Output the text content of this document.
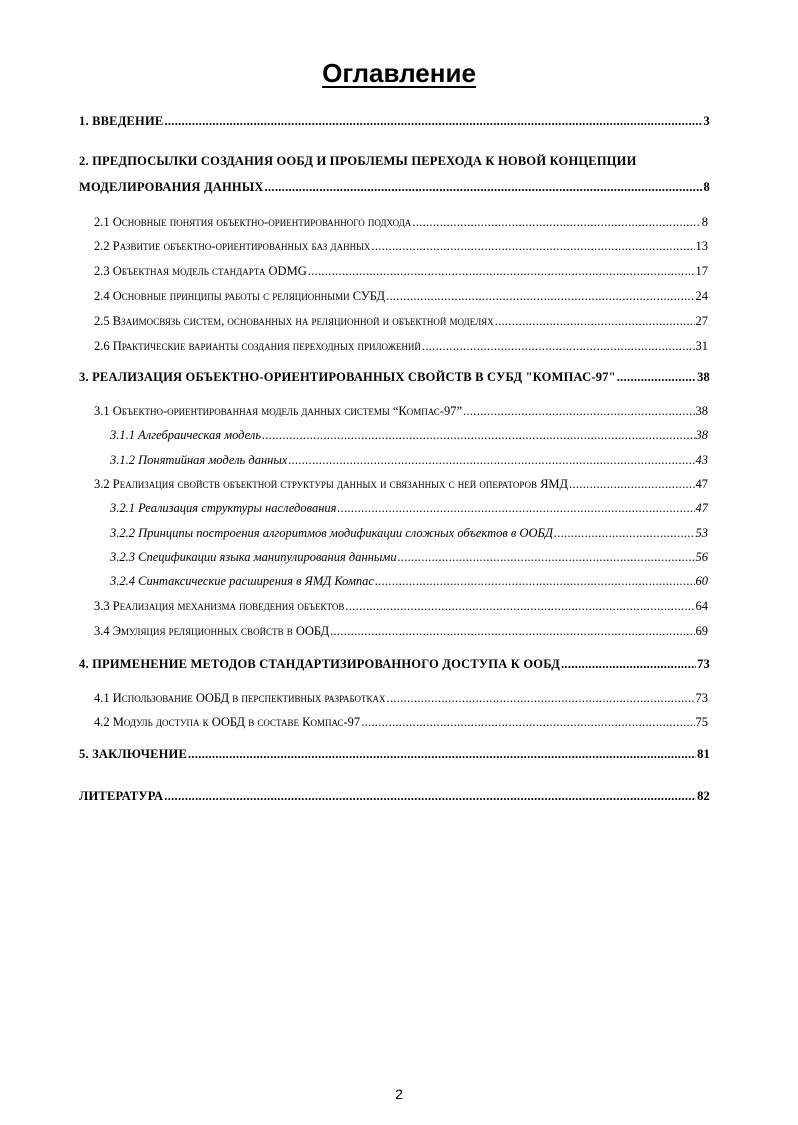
Оглавление
1. ВВЕДЕНИЕ .....	3
2. ПРЕДПОСЫЛКИ СОЗДАНИЯ ООБД И ПРОБЛЕМЫ ПЕРЕХОДА К НОВОЙ КОНЦЕПЦИИ
МОДЕЛИРОВАНИЯ ДАННЫХ .....	8
2.1 Основные понятия объектно-ориентированного подхода .....	8
2.2 Развитие объектно-ориентированных баз данных .....	13
2.3 Объектная модель стандарта ODMG .....	17
2.4 Основные принципы работы с реляционными СУБД .....	24
2.5 Взаимосвязь систем, основанных на реляционной и объектной моделях .....	27
2.6 Практические варианты создания переходных приложений .....	31
3. РЕАЛИЗАЦИЯ ОБЪЕКТНО-ОРИЕНТИРОВАННЫХ СВОЙСТВ В СУБД "КОМПАС-97" .....	38
3.1 Объектно-ориентированная модель данных системы “Компас-97” .....	38
3.1.1 Алгебраическая модель .....	38
3.1.2 Понятийная модель данных .....	43
3.2 Реализация свойств объектной структуры данных и связанных с ней операторов ЯМД .....	47
3.2.1 Реализация структуры наследования .....	47
3.2.2 Принципы построения алгоритмов модификации сложных объектов в ООБД .....	53
3.2.3 Спецификации языка манипулирования данными .....	56
3.2.4 Синтаксические расширения в ЯМД Компас .....	60
3.3 Реализация механизма поведения объектов .....	64
3.4 Эмуляция реляционных свойств в ООБД .....	69
4. ПРИМЕНЕНИЕ МЕТОДОВ СТАНДАРТИЗИРОВАННОГО ДОСТУПА К ООБД .....	73
4.1 Использование ООБД в перспективных разработках .....	73
4.2 Модуль доступа к ООБД в составе Компас-97 .....	75
5. ЗАКЛЮЧЕНИЕ .....	81
ЛИТЕРАТУРА .....	82
2
